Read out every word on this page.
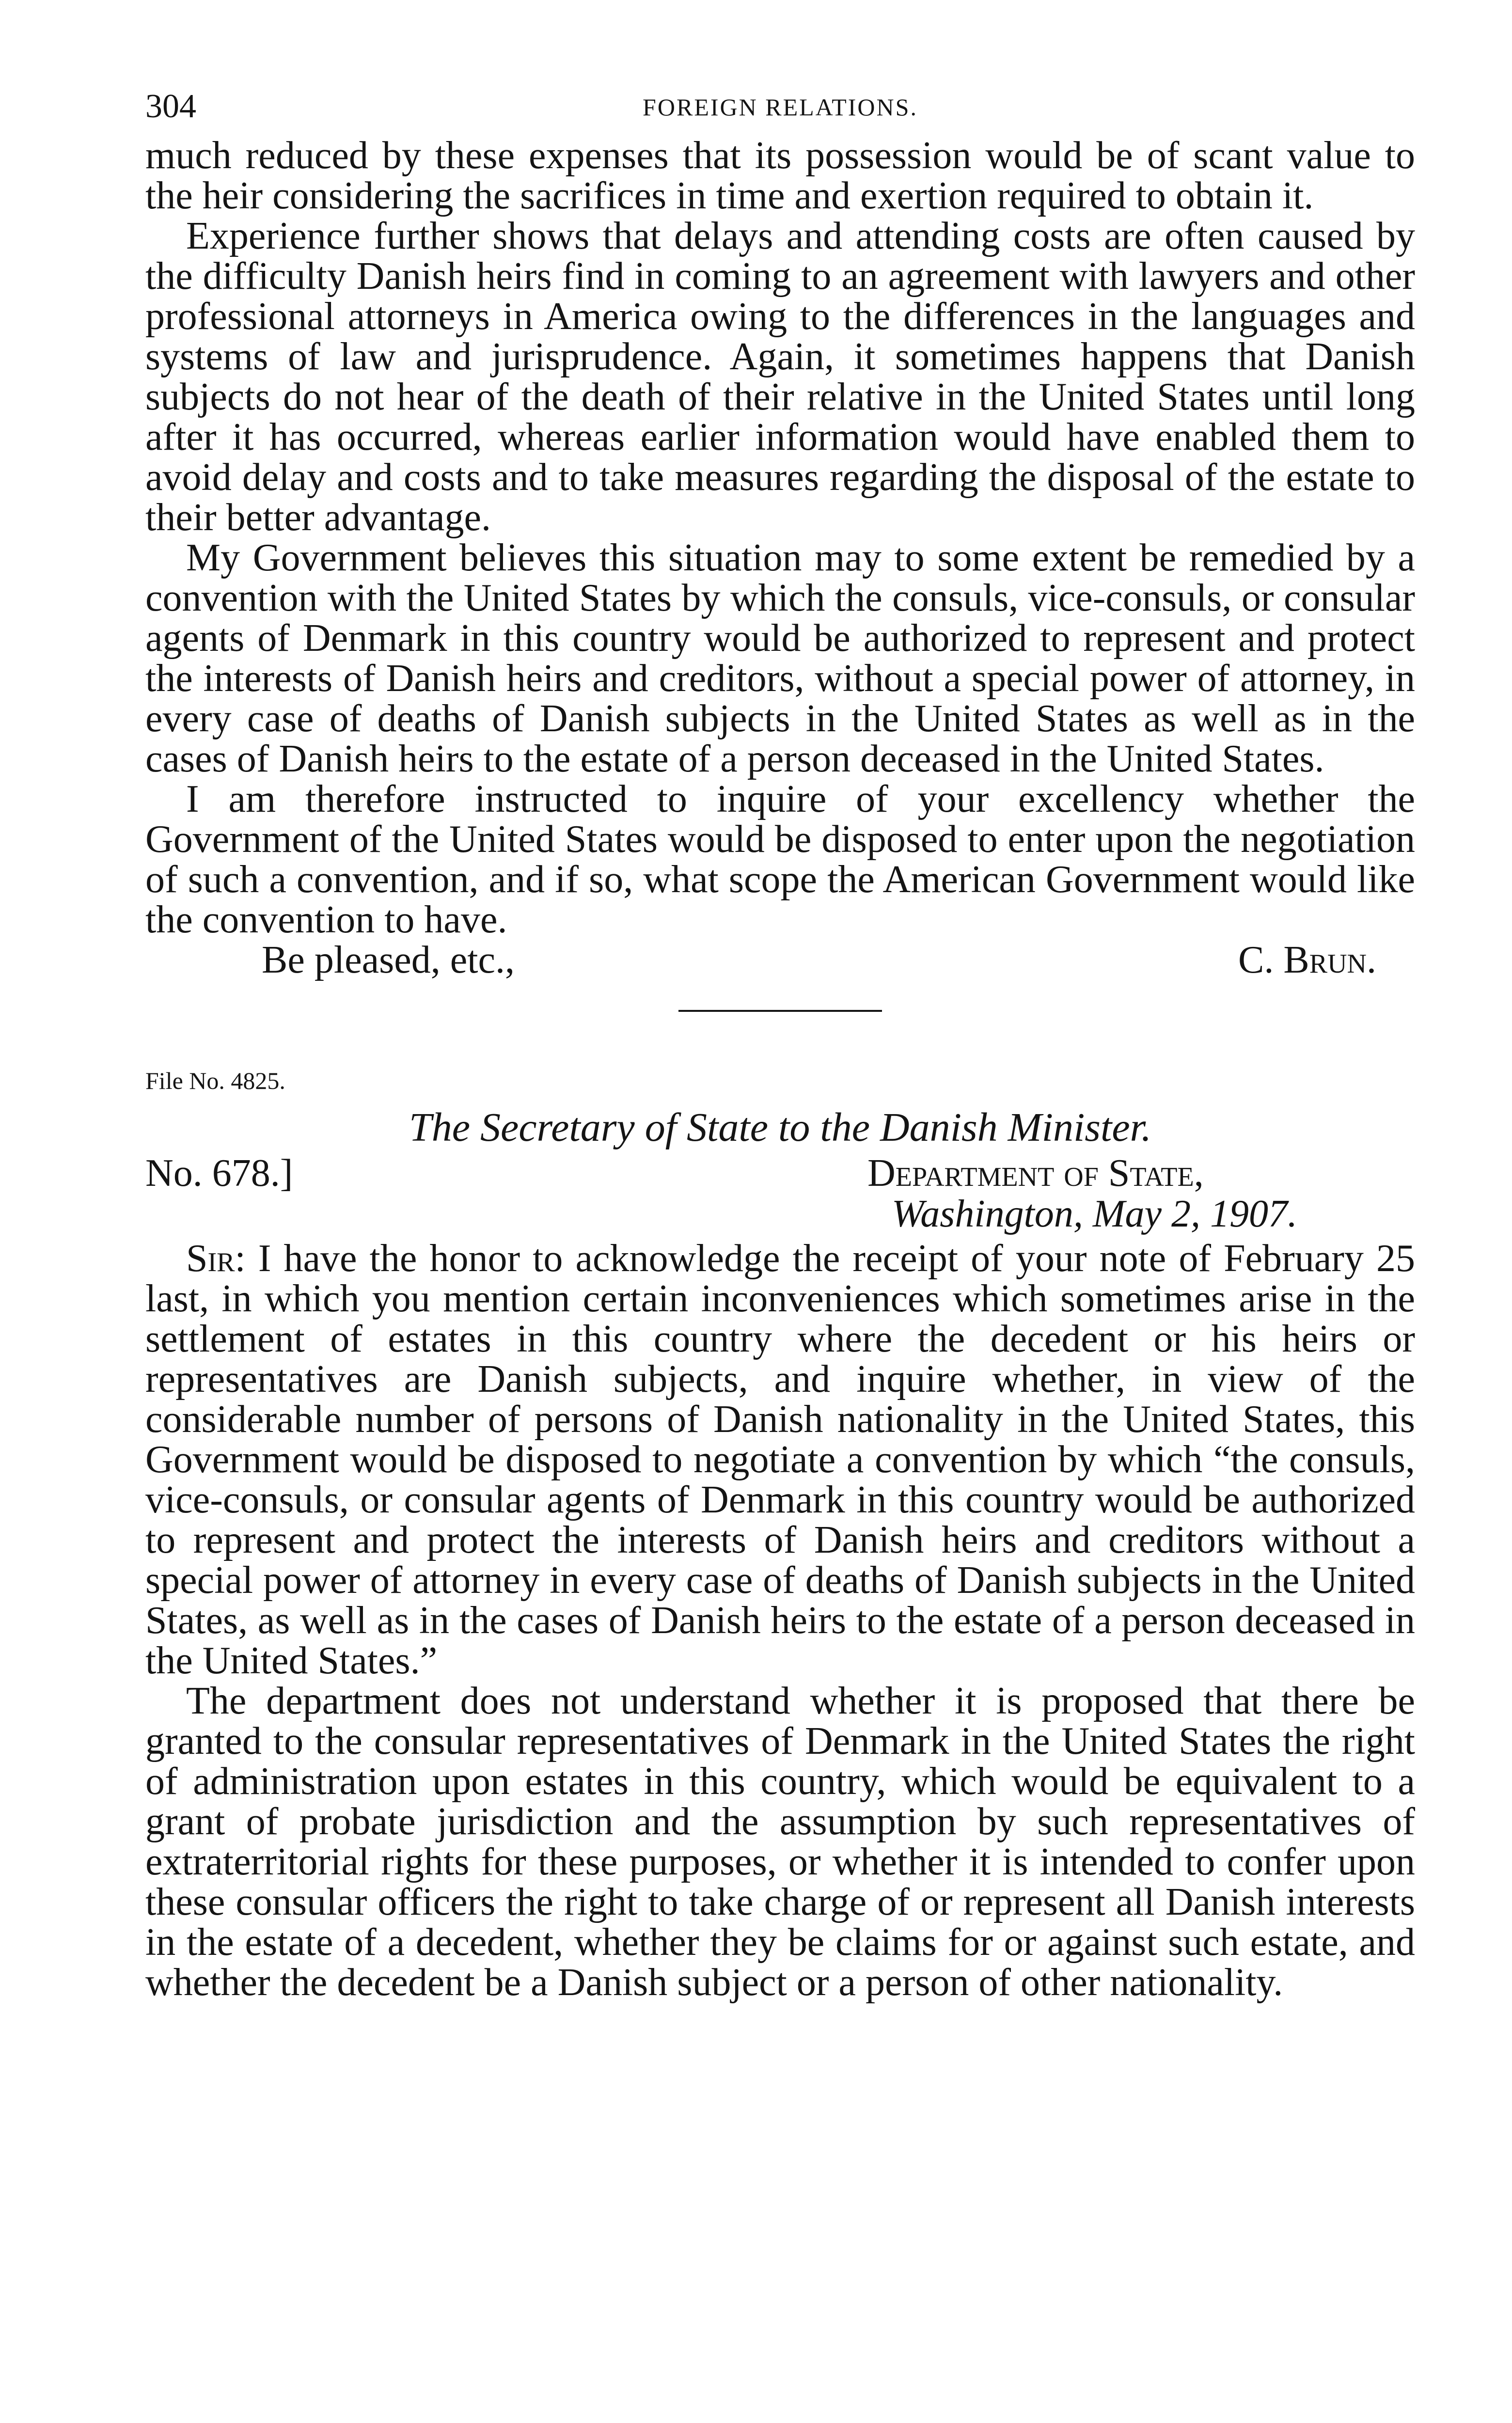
304	FOREIGN RELATIONS.

much reduced by these expenses that its possession would be of scant value to the heir considering the sacrifices in time and exertion required to obtain it.

Experience further shows that delays and attending costs are often caused by the difficulty Danish heirs find in coming to an agreement with lawyers and other professional attorneys in America owing to the differences in the languages and systems of law and jurisprudence. Again, it sometimes happens that Danish subjects do not hear of the death of their relative in the United States until long after it has occurred, whereas earlier information would have enabled them to avoid delay and costs and to take measures regarding the disposal of the estate to their better advantage.

My Government believes this situation may to some extent be remedied by a convention with the United States by which the consuls, vice-consuls, or consular agents of Denmark in this country would be authorized to represent and protect the interests of Danish heirs and creditors, without a special power of attorney, in every case of deaths of Danish subjects in the United States as well as in the cases of Danish heirs to the estate of a person deceased in the United States.

I am therefore instructed to inquire of your excellency whether the Government of the United States would be disposed to enter upon the negotiation of such a convention, and if so, what scope the American Government would like the convention to have.

Be pleased, etc.,	C. Brun.
File No. 4825.
The Secretary of State to the Danish Minister.
No. 678.]	Department of State,
Washington, May 2, 1907.

Sir: I have the honor to acknowledge the receipt of your note of February 25 last, in which you mention certain inconveniences which sometimes arise in the settlement of estates in this country where the decedent or his heirs or representatives are Danish subjects, and inquire whether, in view of the considerable number of persons of Danish nationality in the United States, this Government would be disposed to negotiate a convention by which “the consuls, vice-consuls, or consular agents of Denmark in this country would be authorized to represent and protect the interests of Danish heirs and creditors without a special power of attorney in every case of deaths of Danish subjects in the United States, as well as in the cases of Danish heirs to the estate of a person deceased in the United States.”

The department does not understand whether it is proposed that there be granted to the consular representatives of Denmark in the United States the right of administration upon estates in this country, which would be equivalent to a grant of probate jurisdiction and the assumption by such representatives of extraterritorial rights for these purposes, or whether it is intended to confer upon these consular officers the right to take charge of or represent all Danish interests in the estate of a decedent, whether they be claims for or against such estate, and whether the decedent be a Danish subject or a person of other nationality.
